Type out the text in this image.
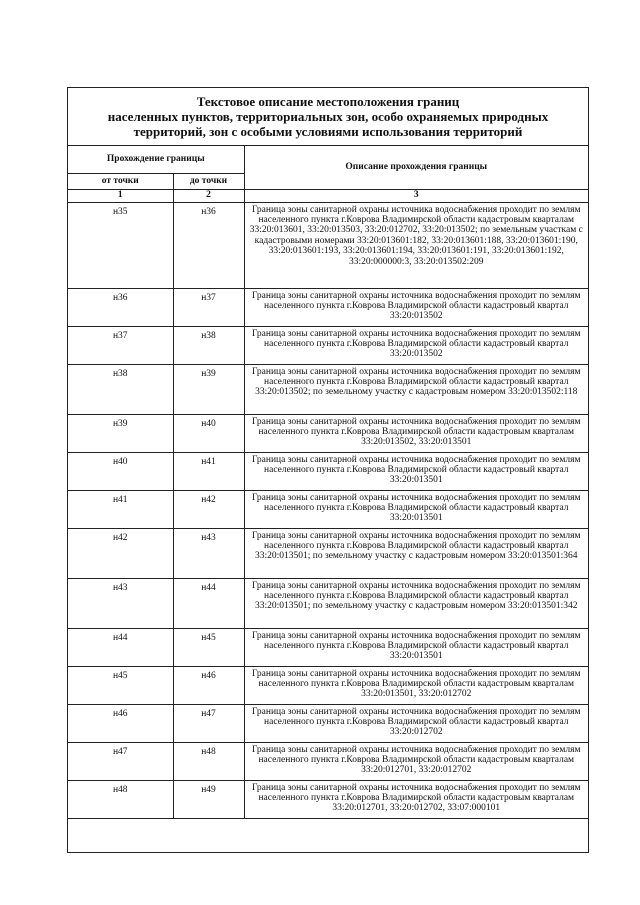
Текстовое описание местоположения границ
населенных пунктов, территориальных зон, особо охраняемых природных
территорий, зон с особыми условиями использования территорий
Прохождение границы		Описание прохождения границы
от точки	до точки	
1	2	3
н35	н36	Граница зоны санитарной охраны источника водоснабжения проходит по землям населенного пункта г.Коврова Владимирской области кадастровым кварталам 33:20:013601, 33:20:013503, 33:20:012702, 33:20:013502; по земельным участкам с кадастровыми номерами 33:20:013601:182, 33:20:013601:188, 33:20:013601:190, 33:20:013601:193, 33:20:013601:194, 33:20:013601:191, 33:20:013601:192, 33:20:000000:3, 33:20:013502:209
н36	н37	Граница зоны санитарной охраны источника водоснабжения проходит по землям населенного пункта г.Коврова Владимирской области кадастровый квартал 33:20:013502
н37	н38	Граница зоны санитарной охраны источника водоснабжения проходит по землям населенного пункта г.Коврова Владимирской области кадастровый квартал 33:20:013502
н38	н39	Граница зоны санитарной охраны источника водоснабжения проходит по землям населенного пункта г.Коврова Владимирской области кадастровый квартал 33:20:013502; по земельному участку с кадастровым номером 33:20:013502:118
н39	н40	Граница зоны санитарной охраны источника водоснабжения проходит по землям населенного пункта г.Коврова Владимирской области кадастровым кварталам 33:20:013502, 33:20:013501
н40	н41	Граница зоны санитарной охраны источника водоснабжения проходит по землям населенного пункта г.Коврова Владимирской области кадастровый квартал 33:20:013501
н41	н42	Граница зоны санитарной охраны источника водоснабжения проходит по землям населенного пункта г.Коврова Владимирской области кадастровый квартал 33:20:013501
н42	н43	Граница зоны санитарной охраны источника водоснабжения проходит по землям населенного пункта г.Коврова Владимирской области кадастровый квартал 33:20:013501; по земельному участку с кадастровым номером 33:20:013501:364
н43	н44	Граница зоны санитарной охраны источника водоснабжения проходит по землям населенного пункта г.Коврова Владимирской области кадастровый квартал 33:20:013501; по земельному участку с кадастровым номером 33:20:013501:342
н44	н45	Граница зоны санитарной охраны источника водоснабжения проходит по землям населенного пункта г.Коврова Владимирской области кадастровый квартал 33:20:013501
н45	н46	Граница зоны санитарной охраны источника водоснабжения проходит по землям населенного пункта г.Коврова Владимирской области кадастровым кварталам 33:20:013501, 33:20:012702
н46	н47	Граница зоны санитарной охраны источника водоснабжения проходит по землям населенного пункта г.Коврова Владимирской области кадастровый квартал 33:20:012702
н47	н48	Граница зоны санитарной охраны источника водоснабжения проходит по землям населенного пункта г.Коврова Владимирской области кадастровым кварталам 33:20:012701, 33:20:012702
н48	н49	Граница зоны санитарной охраны источника водоснабжения проходит по землям населенного пункта г.Коврова Владимирской области кадастровым кварталам 33:20:012701, 33:20:012702, 33:07:000101
